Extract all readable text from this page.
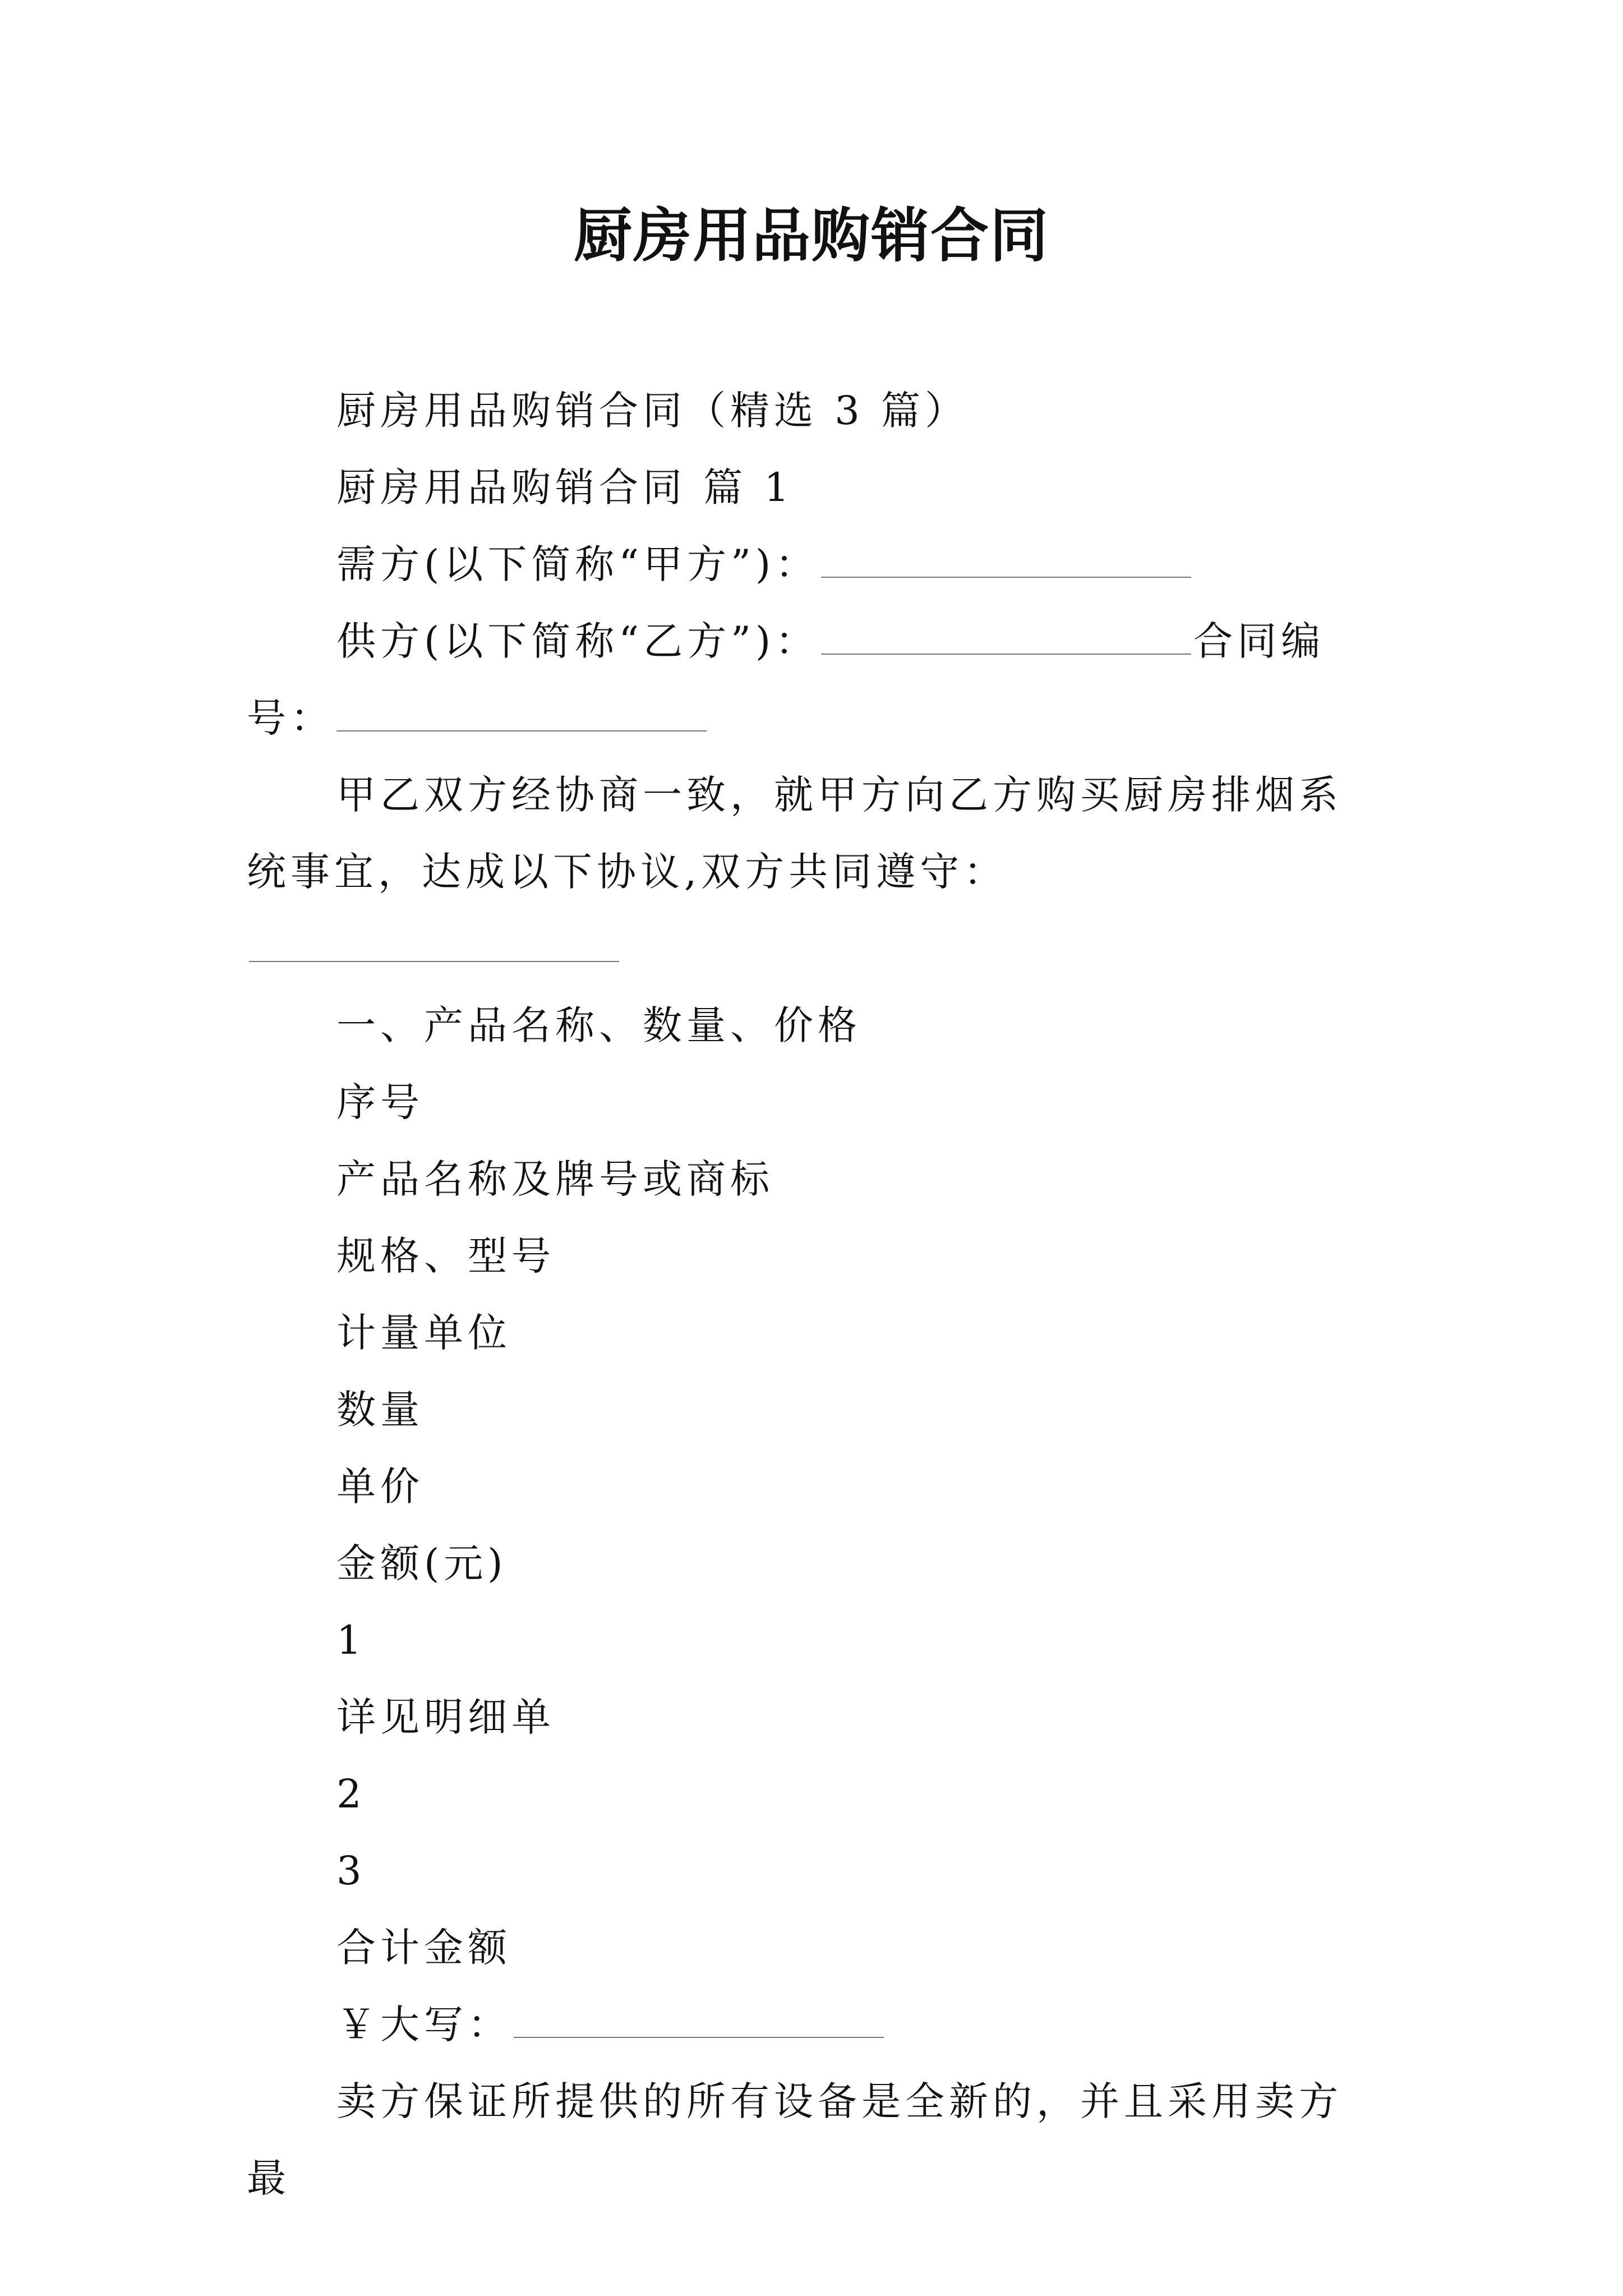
厨房用品购销合同

厨房用品购销合同（精选 3 篇）

厨房用品购销合同 篇 1

需方(以下简称“甲方”)：

供方(以下简称“乙方”)：	合同编号：

甲乙双方经协商一致，就甲方向乙方购买厨房排烟系统事宜，达成以下协议,双方共同遵守：

一、产品名称、数量、价格

序号

产品名称及牌号或商标

规格、型号

计量单位

数量

单价

金额(元)

1

详见明细单

2

3

合计金额

￥大写：

卖方保证所提供的所有设备是全新的，并且采用卖方最
